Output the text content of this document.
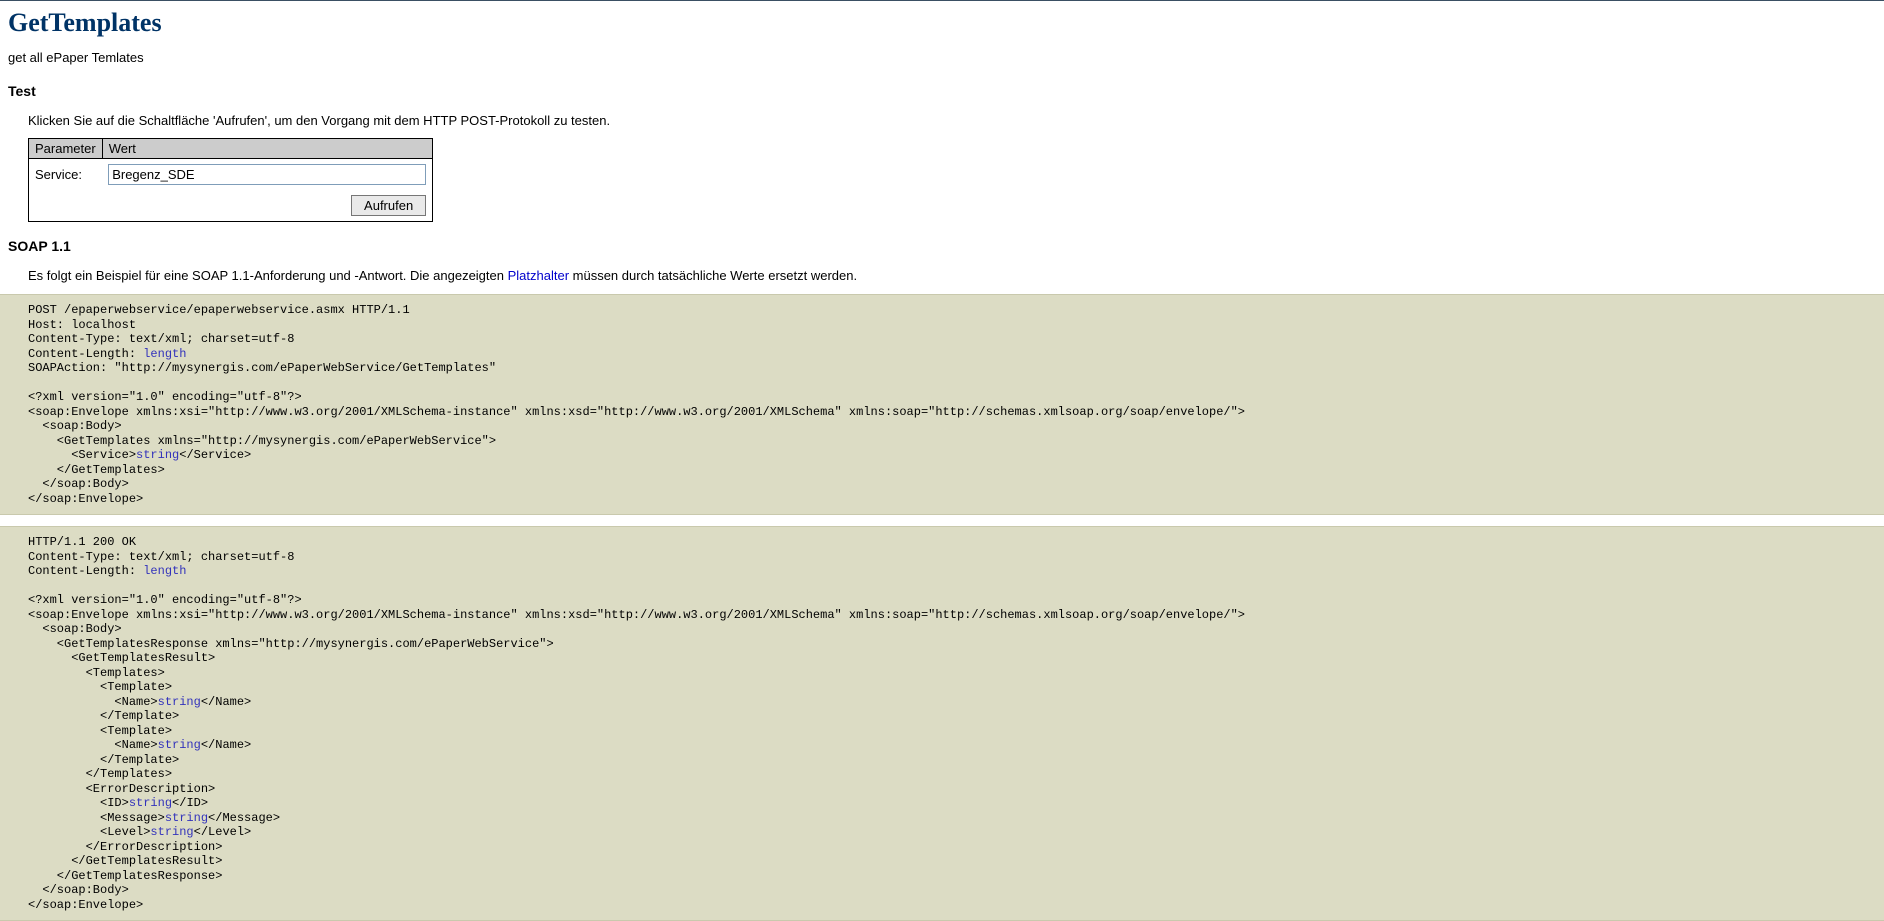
GetTemplates
get all ePaper Temlates
Test
Klicken Sie auf die Schaltfläche 'Aufrufen', um den Vorgang mit dem HTTP POST-Protokoll zu testen.
Parameter	Wert
Service:	Bregenz_SDE
	Aufrufen
SOAP 1.1
Es folgt ein Beispiel für eine SOAP 1.1-Anforderung und -Antwort. Die angezeigten Platzhalter müssen durch tatsächliche Werte ersetzt werden.
POST /epaperwebservice/epaperwebservice.asmx HTTP/1.1
Host: localhost
Content-Type: text/xml; charset=utf-8
Content-Length: length
SOAPAction: "http://mysynergis.com/ePaperWebService/GetTemplates"

<?xml version="1.0" encoding="utf-8"?>
<soap:Envelope xmlns:xsi="http://www.w3.org/2001/XMLSchema-instance" xmlns:xsd="http://www.w3.org/2001/XMLSchema" xmlns:soap="http://schemas.xmlsoap.org/soap/envelope/">
<soap:Body>
<GetTemplates xmlns="http://mysynergis.com/ePaperWebService">
<Service>string</Service>
</GetTemplates>
</soap:Body>
</soap:Envelope>
HTTP/1.1 200 OK
Content-Type: text/xml; charset=utf-8
Content-Length: length

<?xml version="1.0" encoding="utf-8"?>
<soap:Envelope xmlns:xsi="http://www.w3.org/2001/XMLSchema-instance" xmlns:xsd="http://www.w3.org/2001/XMLSchema" xmlns:soap="http://schemas.xmlsoap.org/soap/envelope/">
<soap:Body>
<GetTemplatesResponse xmlns="http://mysynergis.com/ePaperWebService">
<GetTemplatesResult>
<Templates>
<Template>
<Name>string</Name>
</Template>
<Template>
<Name>string</Name>
</Template>
</Templates>
<ErrorDescription>
<ID>string</ID>
<Message>string</Message>
<Level>string</Level>
</ErrorDescription>
</GetTemplatesResult>
</GetTemplatesResponse>
</soap:Body>
</soap:Envelope>
